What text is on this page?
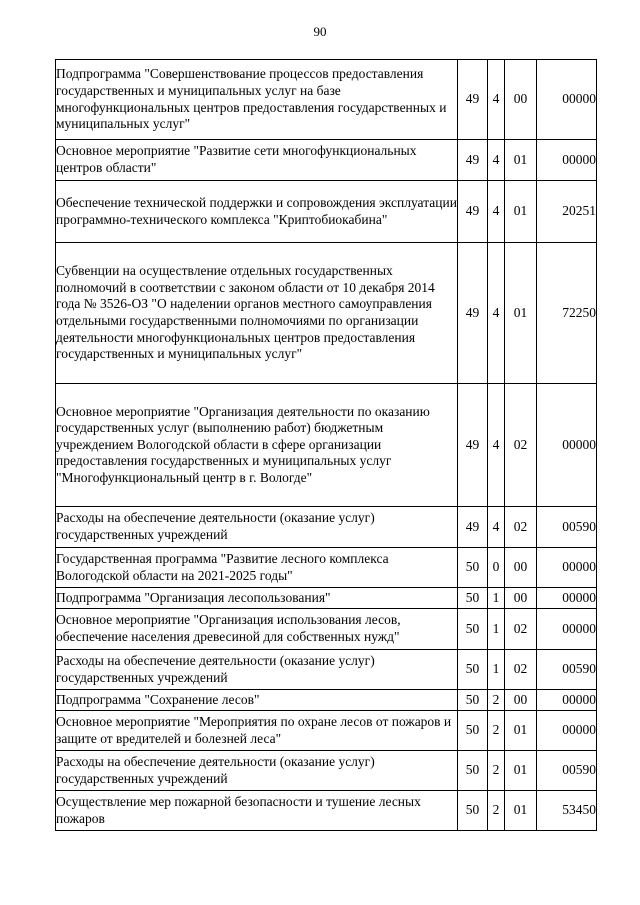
90
Подпрограмма "Совершенствование процессов предоставления государственных и муниципальных услуг на базе многофункциональных центров предоставления государственных и муниципальных услуг"	49	4	00	00000
Основное мероприятие "Развитие сети многофункциональных центров области"	49	4	01	00000
Обеспечение технической поддержки и сопровождения эксплуатации программно-технического комплекса "Криптобиокабина"	49	4	01	20251
Субвенции на осуществление отдельных государственных полномочий в соответствии с законом области от 10 декабря 2014 года № 3526-ОЗ "О наделении органов местного самоуправления отдельными государственными полномочиями по организации деятельности многофункциональных центров предоставления государственных и муниципальных услуг"	49	4	01	72250
Основное мероприятие "Организация деятельности по оказанию государственных услуг (выполнению работ) бюджетным учреждением Вологодской области в сфере организации предоставления государственных и муниципальных услуг "Многофункциональный центр в г. Вологде"	49	4	02	00000
Расходы на обеспечение деятельности (оказание услуг) государственных учреждений	49	4	02	00590
Государственная программа "Развитие лесного комплекса Вологодской области на 2021-2025 годы"	50	0	00	00000
Подпрограмма "Организация лесопользования"	50	1	00	00000
Основное мероприятие "Организация использования лесов, обеспечение населения древесиной для собственных нужд"	50	1	02	00000
Расходы на обеспечение деятельности (оказание услуг) государственных учреждений	50	1	02	00590
Подпрограмма "Сохранение лесов"	50	2	00	00000
Основное мероприятие "Мероприятия по охране лесов от пожаров и защите от вредителей и болезней леса"	50	2	01	00000
Расходы на обеспечение деятельности (оказание услуг) государственных учреждений	50	2	01	00590
Осуществление мер пожарной безопасности и тушение лесных пожаров	50	2	01	53450
